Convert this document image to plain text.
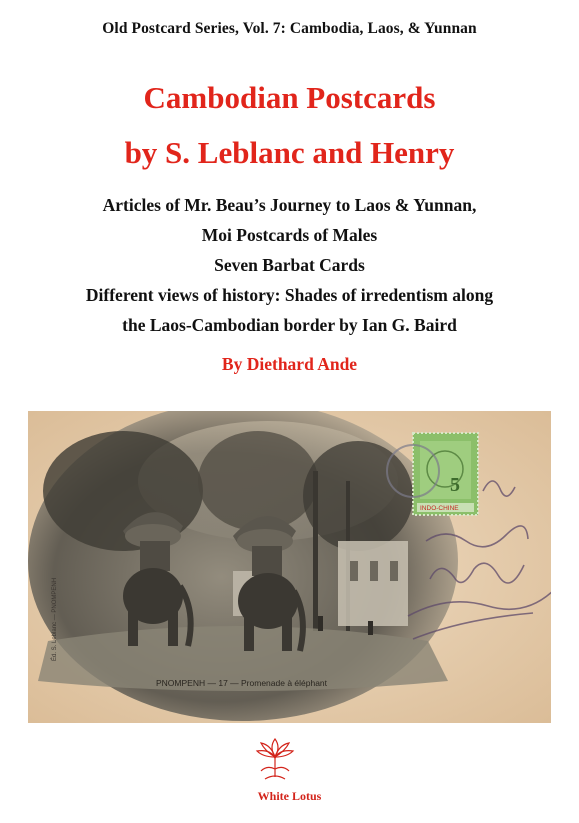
Old Postcard Series, Vol. 7: Cambodia, Laos, & Yunnan
Cambodian Postcards
by S. Leblanc and Henry
Articles of Mr. Beau’s Journey to Laos & Yunnan,
Moi Postcards of Males
Seven Barbat Cards
Different views of history: Shades of irredentism along
the Laos-Cambodian border by Ian G. Baird
By Diethard Ande
Éd. S. Leblanc — PNOMPENH
PNOMPENH — 17 — Promenade à éléphant
5
INDO-CHINE
White Lotus
